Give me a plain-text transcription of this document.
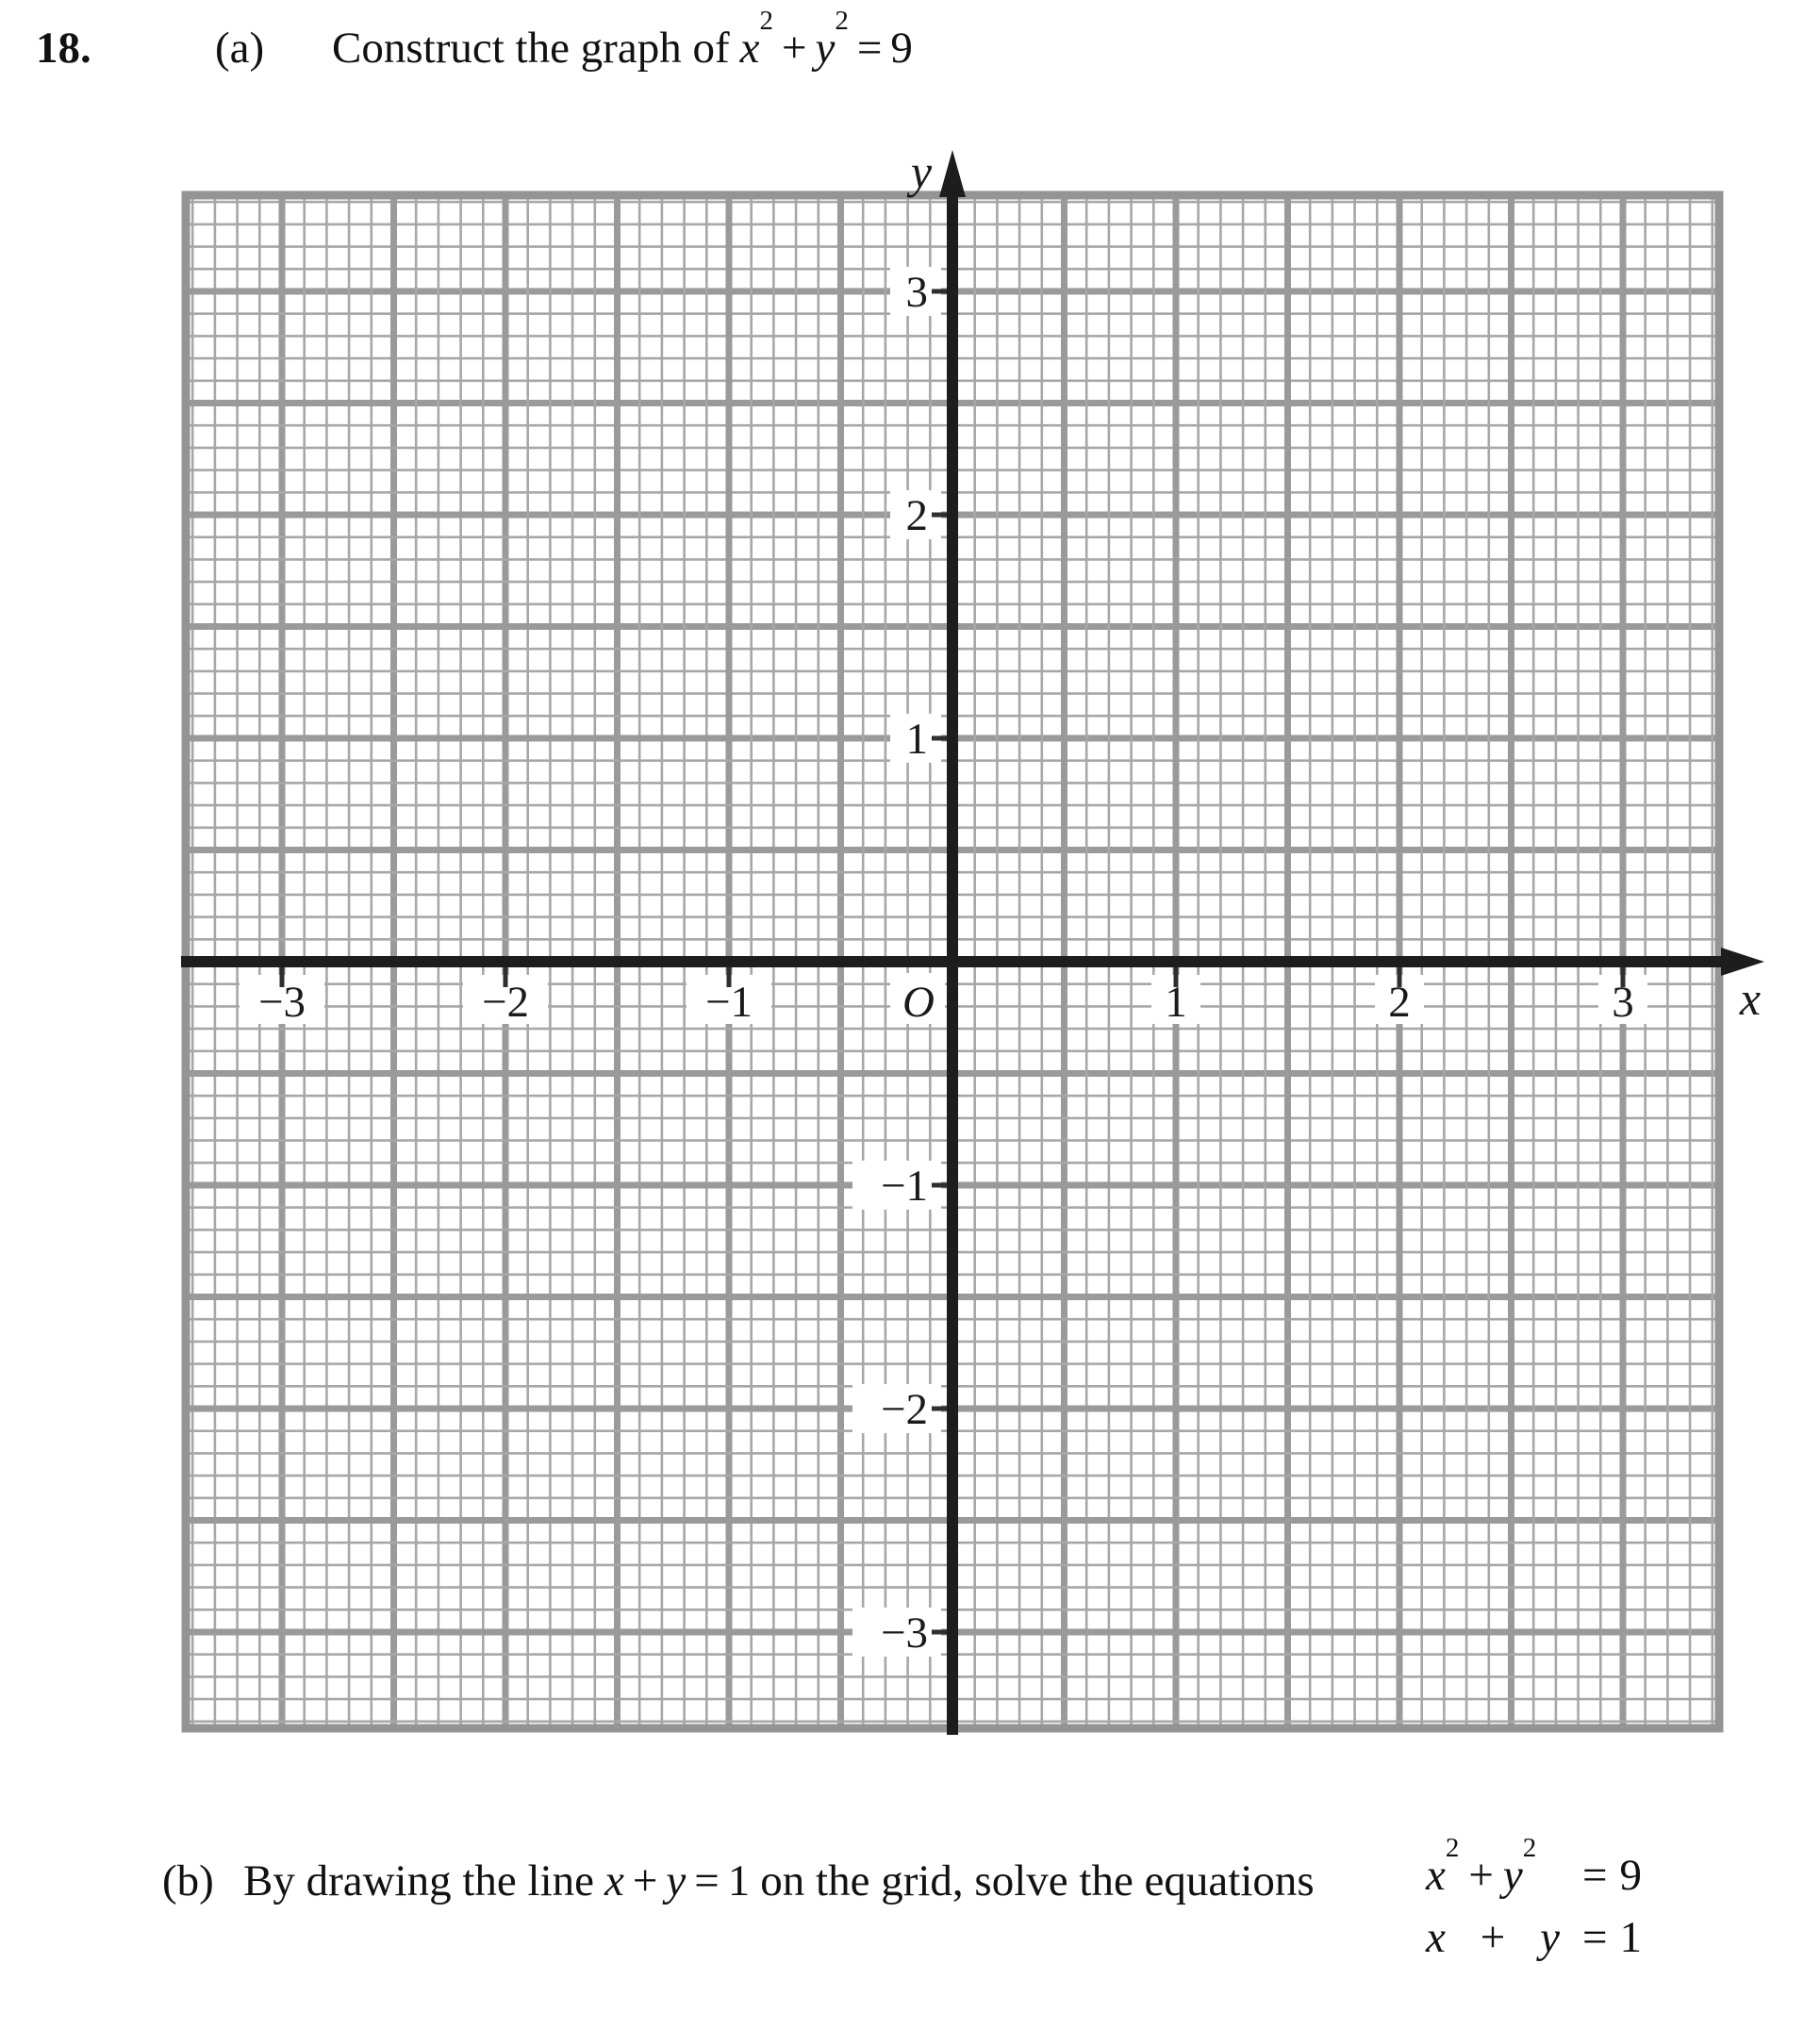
18.	(a) Construct the graph of $x^2+ y^2= 9$
−3	−2	−1	1	2	3
3
2
1
−1
−2
−3
O
y
x
(b) By drawing the line x + y = 1 on the grid, solve the equations	$x^2$
+ $y^2$
= 9
x + y = 1
